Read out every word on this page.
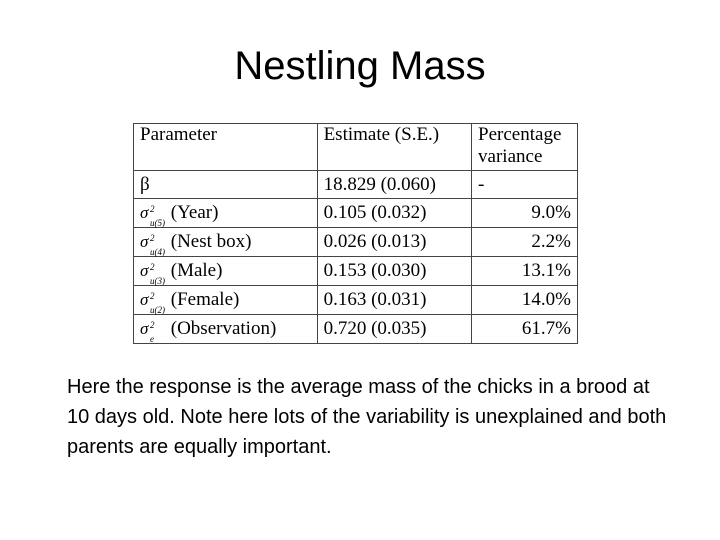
Nestling Mass
Parameter	Estimate (S.E.)	Percentage variance
β	18.829 (0.060)	-
σ 2
u(5) (Year)	0.105 (0.032)	9.0%
σ 2
u(4) (Nest box)	0.026 (0.013)	2.2%
σ 2
u(3) (Male)	0.153 (0.030)	13.1%
σ 2
u(2) (Female)	0.163 (0.031)	14.0%
σ 2
e (Observation)	0.720 (0.035)	61.7%
Here the response is the average mass of the chicks in a brood at 10 days old. Note here lots of the variability is unexplained and both parents are equally important.
